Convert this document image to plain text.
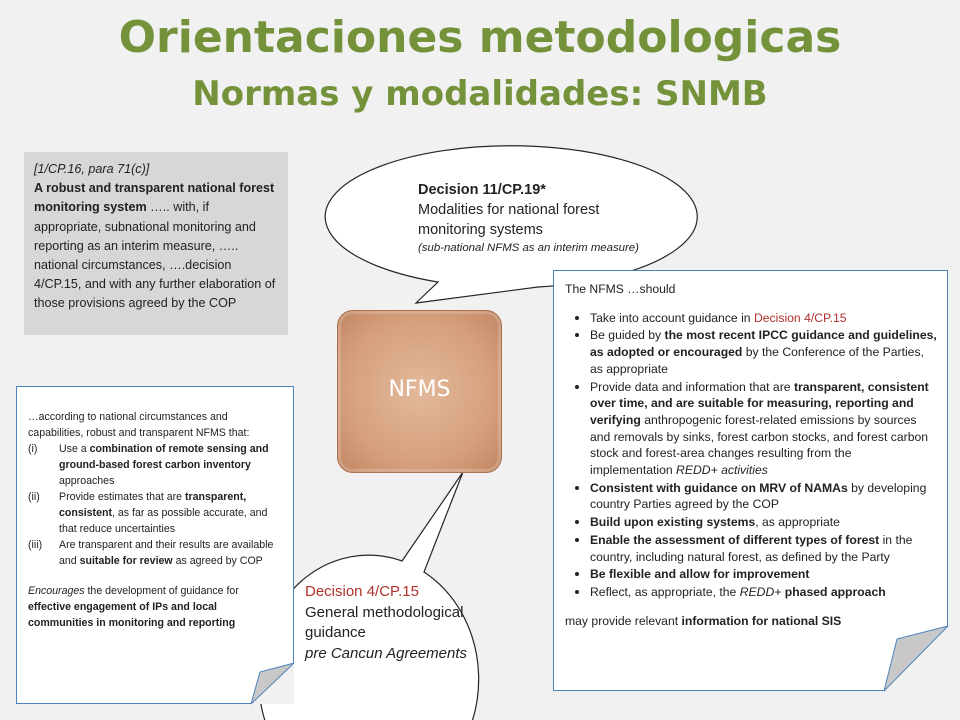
Orientaciones metodologicas
Normas y modalidades: SNMB
[1/CP.16, para 71(c)]
A robust and transparent national forest monitoring system ….. with, if appropriate, subnational monitoring and reporting as an interim measure, ….. national circumstances, ….decision 4/CP.15, and with any further elaboration of those provisions agreed by the COP
Decision 11/CP.19*
Modalities for national forest monitoring systems
(sub-national NFMS as an interim measure)
Decision 4/CP.15
General methodological guidance
pre Cancun Agreements
NFMS

…according to national circumstances and capabilities, robust and transparent NFMS that:

(i) Use a combination of remote sensing and ground-based forest carbon inventory approaches
(ii) Provide estimates that are transparent, consistent, as far as possible accurate, and that reduce uncertainties
(iii) Are transparent and their results are available and suitable for review as agreed by COP

Encourages the development of guidance for effective engagement of IPs and local communities in monitoring and reporting

The NFMS …should

Take into account guidance in Decision 4/CP.15
Be guided by the most recent IPCC guidance and guidelines, as adopted or encouraged by the Conference of the Parties, as appropriate
Provide data and information that are transparent, consistent over time, and are suitable for measuring, reporting and verifying anthropogenic forest-related emissions by sources and removals by sinks, forest carbon stocks, and forest carbon stock and forest-area changes resulting from the implementation REDD+ activities
Consistent with guidance on MRV of NAMAs by developing country Parties agreed by the COP
Build upon existing systems, as appropriate
Enable the assessment of different types of forest in the country, including natural forest, as defined by the Party
Be flexible and allow for improvement
Reflect, as appropriate, the REDD+ phased approach

may provide relevant information for national SIS
